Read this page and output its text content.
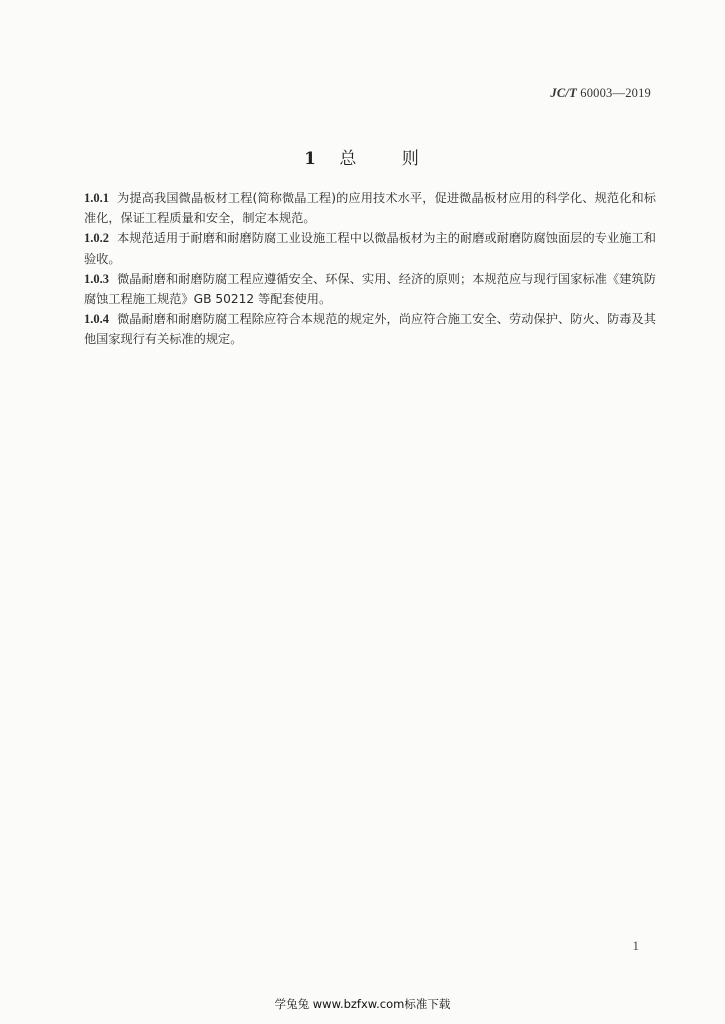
JC/T 60003—2019
1 总	则

1.0.1 为提高我国微晶板材工程(简称微晶工程)的应用技术水平，促进微晶板材应用的科学化、规范化和标准化，保证工程质量和安全，制定本规范。

1.0.2 本规范适用于耐磨和耐磨防腐工业设施工程中以微晶板材为主的耐磨或耐磨防腐蚀面层的专业施工和验收。

1.0.3 微晶耐磨和耐磨防腐工程应遵循安全、环保、实用、经济的原则；本规范应与现行国家标准《建筑防腐蚀工程施工规范》GB 50212 等配套使用。

1.0.4 微晶耐磨和耐磨防腐工程除应符合本规范的规定外，尚应符合施工安全、劳动保护、防火、防毒及其他国家现行有关标准的规定。

1
学兔兔 www.bzfxw.com标准下载
